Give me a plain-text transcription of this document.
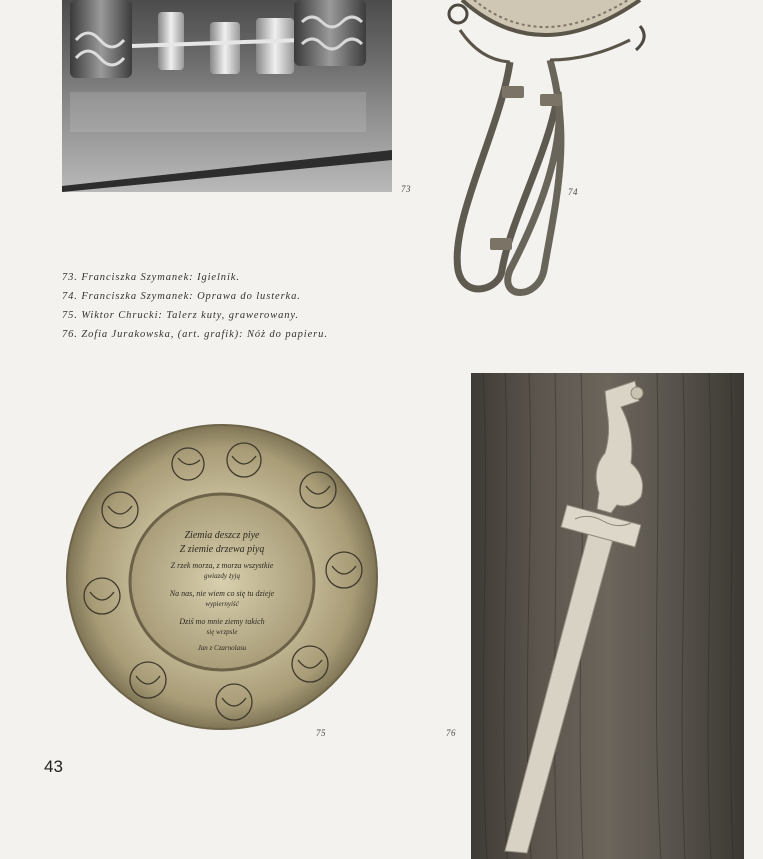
73	74
73. Franciszka Szymanek: Igielnik.
74. Franciszka Szymanek: Oprawa do lusterka.
75. Wiktor Chrucki: Talerz kuty, grawerowany.
76. Zofia Jurakowska, (art. grafik): Nóż do papieru.
Ziemia deszcz piye
Z ziemie drzewa piyą
Z rzek morza, z morza wszystkie
gwiazdy żyją
Na nas, nie wiem co się tu dzieje
wypiernyiść
Dziś mo mnie ziemy takich
się wrzpsle
Jan z Czarnolasu
75	76
43
